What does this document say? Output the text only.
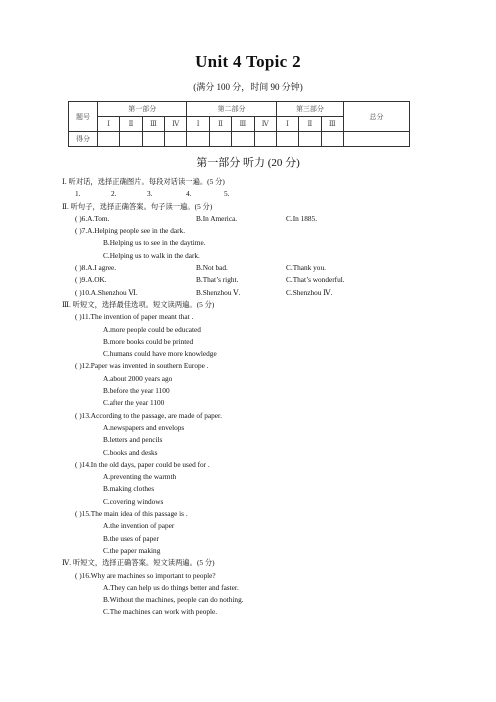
Unit 4 Topic 2
(满分 100 分，时间 90 分钟)
题号	第一部分				第二部分				第三部分			总分
	Ⅰ	Ⅱ	Ⅲ	Ⅳ	Ⅰ	Ⅱ	Ⅲ	Ⅳ	Ⅰ	Ⅱ	Ⅲ	
得分												
第一部分 听力 (20 分)
Ⅰ. 听对话，选择正确图片。每段对话读一遍。(5 分)
1.	2.	3.	4.	5.
Ⅱ. 听句子，选择正确答案。句子读一遍。(5 分)
( )6.A.Tom.	B.In America.	C.In 1885.
( )7.A.Helping people see in the dark.
B.Helping us to see in the daytime.
C.Helping us to walk in the dark.
( )8.A.I agree.	B.Not bad.	C.Thank you.
( )9.A.OK.	B.That’s right.	C.That’s wonderful.
( )10.A.Shenzhou Ⅵ.	B.Shenzhou Ⅴ.	C.Shenzhou Ⅳ.
Ⅲ. 听短文，选择最佳选项。短文读两遍。(5 分)
( )11.The invention of paper meant that .
A.more people could be educated
B.more books could be printed
C.humans could have more knowledge
( )12.Paper was invented in southern Europe .
A.about 2000 years ago
B.before the year 1100
C.after the year 1100
( )13.According to the passage, are made of paper.
A.newspapers and envelops
B.letters and pencils
C.books and desks
( )14.In the old days, paper could be used for .
A.preventing the warmth
B.making clothes
C.covering windows
( )15.The main idea of this passage is .
A.the invention of paper
B.the uses of paper
C.the paper making
Ⅳ. 听短文，选择正确答案。短文读两遍。(5 分)
( )16.Why are machines so important to people?
A.They can help us do things better and faster.
B.Without the machines, people can do nothing.
C.The machines can work with people.
